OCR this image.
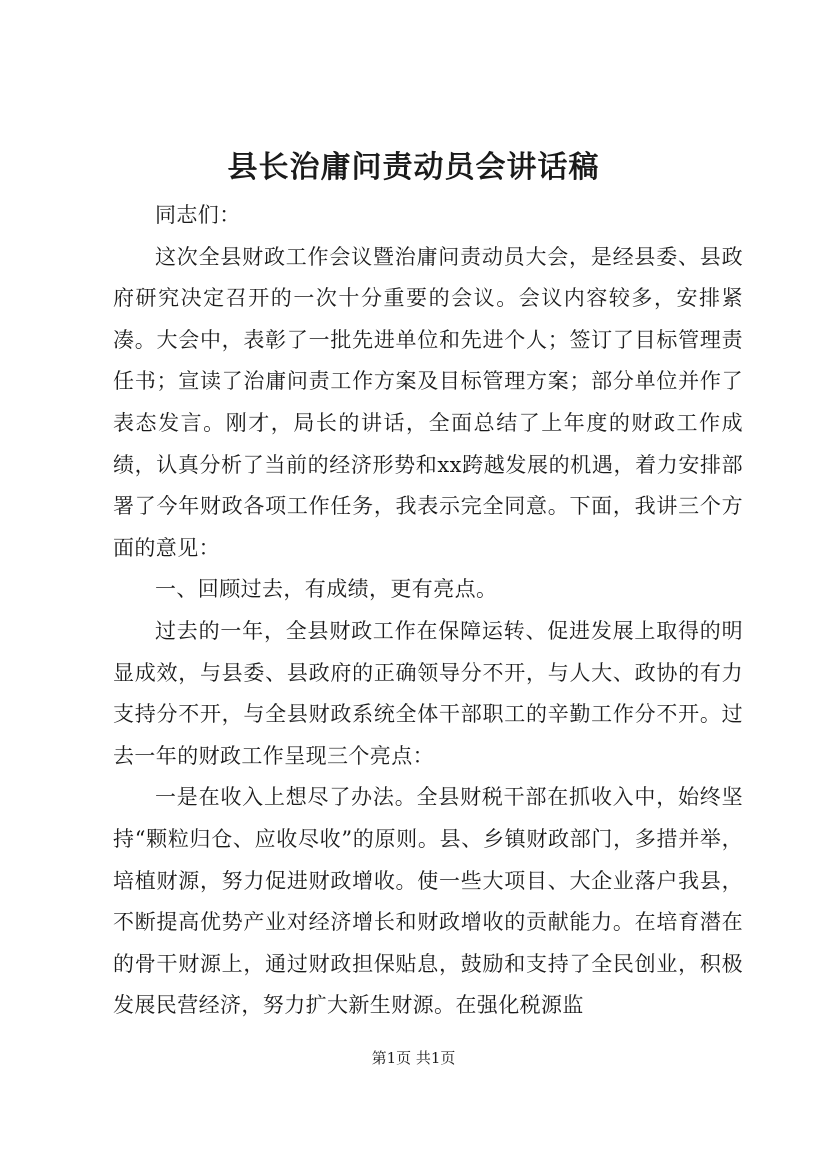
县长治庸问责动员会讲话稿

同志们：

这次全县财政工作会议暨治庸问责动员大会，是经县委、县政府研究决定召开的一次十分重要的会议。会议内容较多，安排紧凑。大会中，表彰了一批先进单位和先进个人；签订了目标管理责任书；宣读了治庸问责工作方案及目标管理方案；部分单位并作了表态发言。刚才，局长的讲话，全面总结了上年度的财政工作成绩，认真分析了当前的经济形势和xx跨越发展的机遇，着力安排部署了今年财政各项工作任务，我表示完全同意。下面，我讲三个方面的意见：

一、回顾过去，有成绩，更有亮点。

过去的一年，全县财政工作在保障运转、促进发展上取得的明显成效，与县委、县政府的正确领导分不开，与人大、政协的有力支持分不开，与全县财政系统全体干部职工的辛勤工作分不开。过去一年的财政工作呈现三个亮点：

一是在收入上想尽了办法。全县财税干部在抓收入中，始终坚持“颗粒归仓、应收尽收”的原则。县、乡镇财政部门，多措并举，培植财源，努力促进财政增收。使一些大项目、大企业落户我县，不断提高优势产业对经济增长和财政增收的贡献能力。在培育潜在的骨干财源上，通过财政担保贴息，鼓励和支持了全民创业，积极发展民营经济，努力扩大新生财源。在强化税源监

第1页 共1页
